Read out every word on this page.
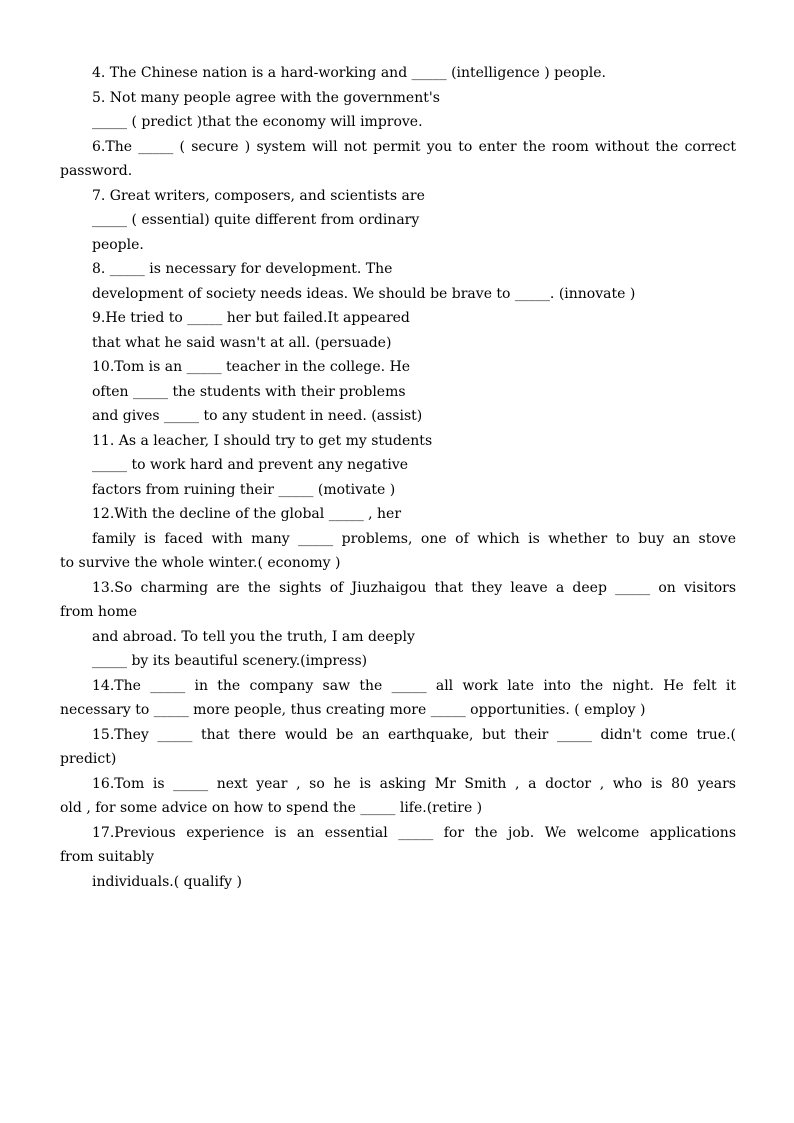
4. The Chinese nation is a hard-working and _____ (intelligence ) people.
5. Not many people agree with the government's
_____ ( predict )that the economy will improve.
6.The _____ ( secure ) system will not permit you to enter the room without the correct
password.
7. Great writers, composers, and scientists are
_____ ( essential) quite different from ordinary
people.
8. _____ is necessary for development. The
development of society needs ideas. We should be brave to _____. (innovate )
9.He tried to _____ her but failed.It appeared
that what he said wasn't at all. (persuade)
10.Tom is an _____ teacher in the college. He
often _____ the students with their problems
and gives _____ to any student in need. (assist)
11. As a leacher, I should try to get my students
_____ to work hard and prevent any negative
factors from ruining their _____ (motivate )
12.With the decline of the global _____ , her
family is faced with many _____ problems, one of which is whether to buy an stove
to survive the whole winter.( economy )
13.So charming are the sights of Jiuzhaigou that they leave a deep _____ on visitors
from home
and abroad. To tell you the truth, I am deeply
_____ by its beautiful scenery.(impress)
14.The _____ in the company saw the _____ all work late into the night. He felt it
necessary to _____ more people, thus creating more _____ opportunities. ( employ )
15.They _____ that there would be an earthquake, but their _____ didn't come true.(
predict)
16.Tom is _____ next year , so he is asking Mr Smith , a doctor , who is 80 years
old , for some advice on how to spend the _____ life.(retire )
17.Previous experience is an essential _____ for the job. We welcome applications
from suitably
individuals.( qualify )
